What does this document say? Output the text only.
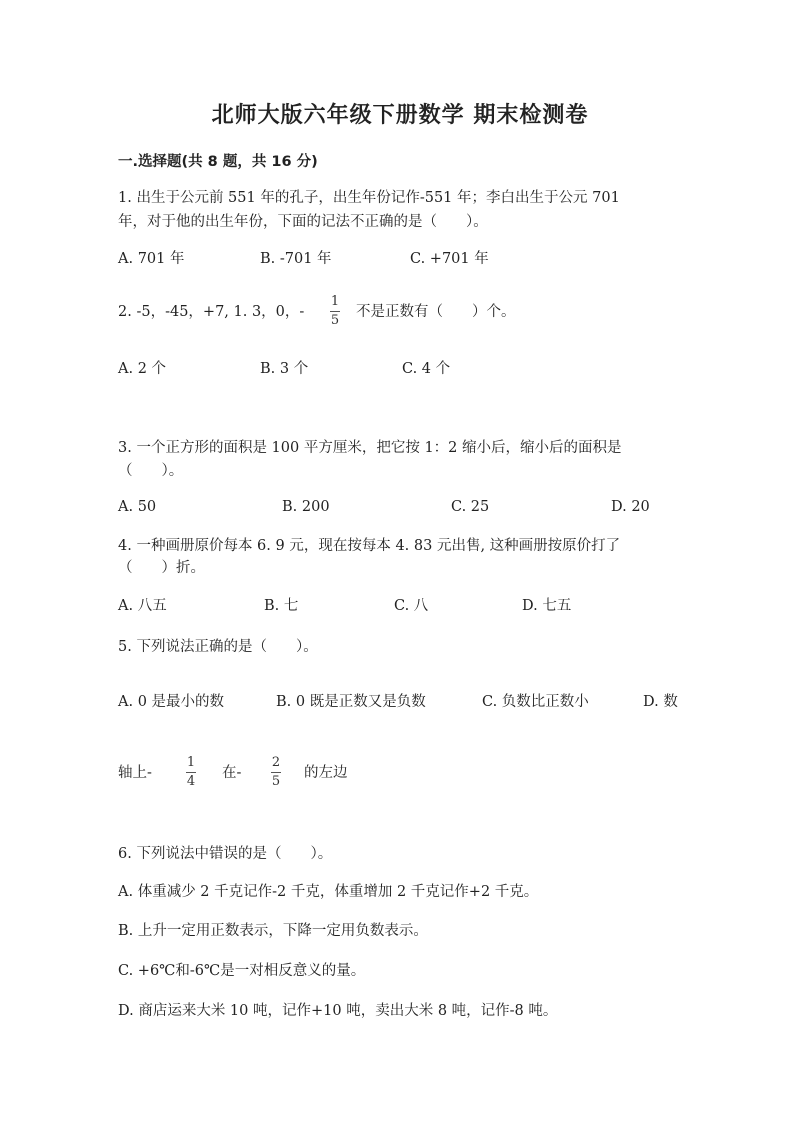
北师大版六年级下册数学 期末检测卷
一.选择题(共 8 题，共 16 分)
1. 出生于公元前 551 年的孔子，出生年份记作-551 年；李白出生于公元 701
年，对于他的出生年份，下面的记法不正确的是（　　）。
A. 701 年	B. -701 年	C. +701 年
2. -5，-45，+7, 1. 3，0，-
1
5
不是正数有（　　）个。
A. 2 个	B. 3 个	C. 4 个
3. 一个正方形的面积是 100 平方厘米，把它按 1：2 缩小后，缩小后的面积是
（　　）。
A. 50	B. 200	C. 25	D. 20
4. 一种画册原价每本 6. 9 元，现在按每本 4. 83 元出售, 这种画册按原价打了
（　　）折。
A. 八五	B. 七	C. 八	D. 七五
5. 下列说法正确的是（　　）。
A. 0 是最小的数	B. 0 既是正数又是负数	C. 负数比正数小	D. 数
轴上-
1
4
在-
2
5
的左边
6. 下列说法中错误的是（　　）。
A. 体重减少 2 千克记作-2 千克，体重增加 2 千克记作+2 千克。
B. 上升一定用正数表示，下降一定用负数表示。
C. +6℃和-6℃是一对相反意义的量。
D. 商店运来大米 10 吨，记作+10 吨，卖出大米 8 吨，记作-8 吨。
